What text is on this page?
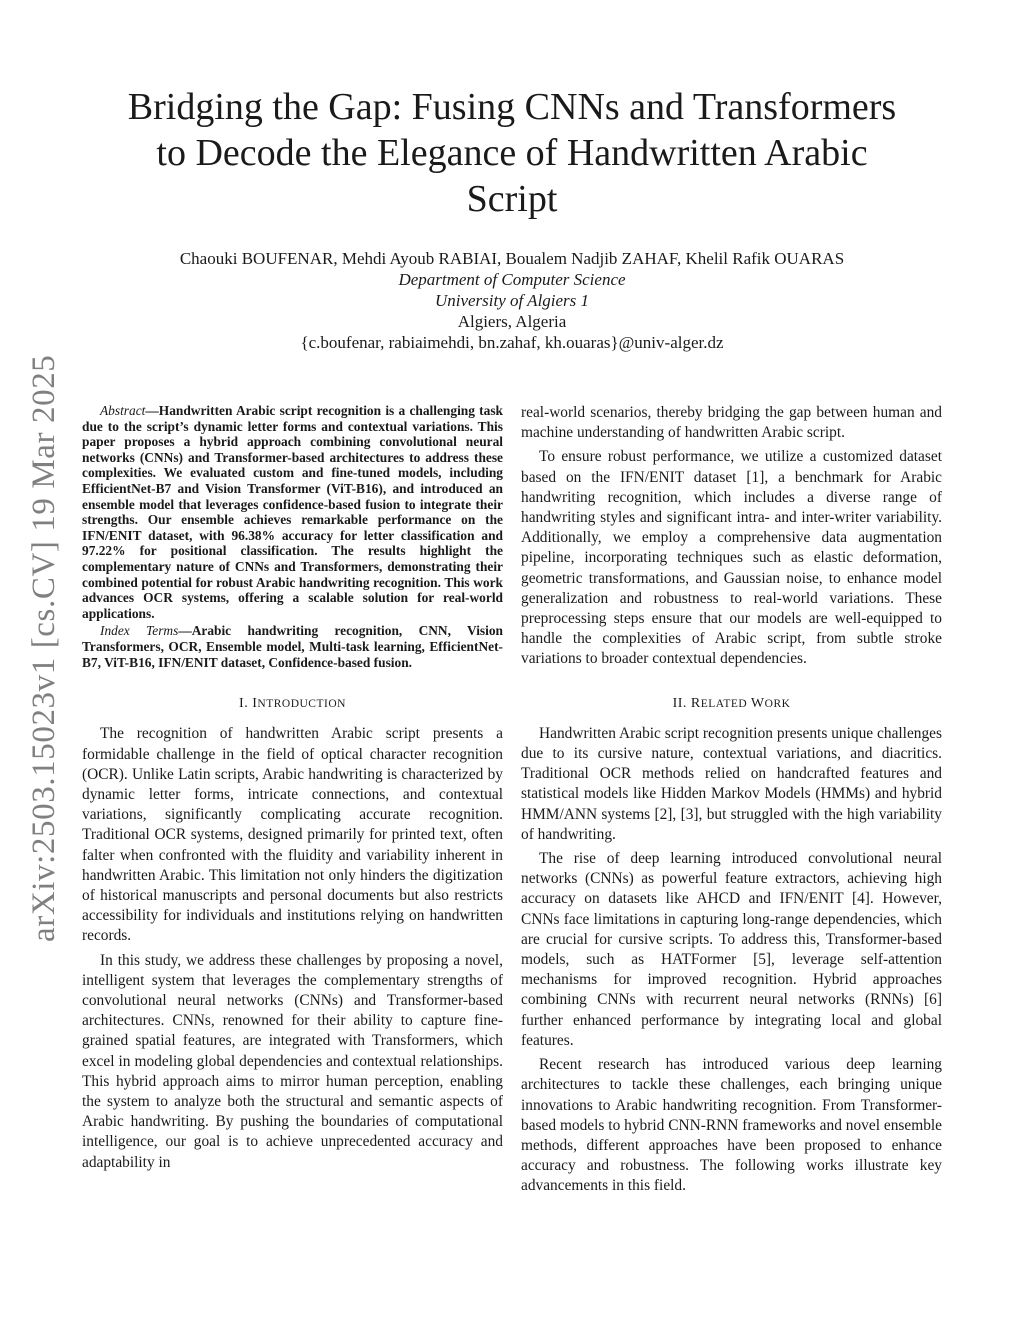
arXiv:2503.15023v1 [cs.CV] 19 Mar 2025
Bridging the Gap: Fusing CNNs and Transformers
to Decode the Elegance of Handwritten Arabic
Script
Chaouki BOUFENAR, Mehdi Ayoub RABIAI, Boualem Nadjib ZAHAF, Khelil Rafik OUARAS
Department of Computer Science
University of Algiers 1
Algiers, Algeria
{c.boufenar, rabiaimehdi, bn.zahaf, kh.ouaras}@univ-alger.dz

Abstract—Handwritten Arabic script recognition is a challenging task due to the script’s dynamic letter forms and contextual variations. This paper proposes a hybrid approach combining convolutional neural networks (CNNs) and Transformer-based architectures to address these complexities. We evaluated custom and fine-tuned models, including EfficientNet-B7 and Vision Transformer (ViT-B16), and introduced an ensemble model that leverages confidence-based fusion to integrate their strengths. Our ensemble achieves remarkable performance on the IFN/ENIT dataset, with 96.38% accuracy for letter classification and 97.22% for positional classification. The results highlight the complementary nature of CNNs and Transformers, demonstrating their combined potential for robust Arabic handwriting recognition. This work advances OCR systems, offering a scalable solution for real-world applications.

Index Terms—Arabic handwriting recognition, CNN, Vision Transformers, OCR, Ensemble model, Multi-task learning, EfficientNet-B7, ViT-B16, IFN/ENIT dataset, Confidence-based fusion.

I. INTRODUCTION

The recognition of handwritten Arabic script presents a formidable challenge in the field of optical character recognition (OCR). Unlike Latin scripts, Arabic handwriting is characterized by dynamic letter forms, intricate connections, and contextual variations, significantly complicating accurate recognition. Traditional OCR systems, designed primarily for printed text, often falter when confronted with the fluidity and variability inherent in handwritten Arabic. This limitation not only hinders the digitization of historical manuscripts and personal documents but also restricts accessibility for individuals and institutions relying on handwritten records.

In this study, we address these challenges by proposing a novel, intelligent system that leverages the complementary strengths of convolutional neural networks (CNNs) and Transformer-based architectures. CNNs, renowned for their ability to capture fine-grained spatial features, are integrated with Transformers, which excel in modeling global dependencies and contextual relationships. This hybrid approach aims to mirror human perception, enabling the system to analyze both the structural and semantic aspects of Arabic handwriting. By pushing the boundaries of computational intelligence, our goal is to achieve unprecedented accuracy and adaptability in

real-world scenarios, thereby bridging the gap between human and machine understanding of handwritten Arabic script.

To ensure robust performance, we utilize a customized dataset based on the IFN/ENIT dataset [1], a benchmark for Arabic handwriting recognition, which includes a diverse range of handwriting styles and significant intra- and inter-writer variability. Additionally, we employ a comprehensive data augmentation pipeline, incorporating techniques such as elastic deformation, geometric transformations, and Gaussian noise, to enhance model generalization and robustness to real-world variations. These preprocessing steps ensure that our models are well-equipped to handle the complexities of Arabic script, from subtle stroke variations to broader contextual dependencies.

II. RELATED WORK

Handwritten Arabic script recognition presents unique challenges due to its cursive nature, contextual variations, and diacritics. Traditional OCR methods relied on handcrafted features and statistical models like Hidden Markov Models (HMMs) and hybrid HMM/ANN systems [2], [3], but struggled with the high variability of handwriting.

The rise of deep learning introduced convolutional neural networks (CNNs) as powerful feature extractors, achieving high accuracy on datasets like AHCD and IFN/ENIT [4]. However, CNNs face limitations in capturing long-range dependencies, which are crucial for cursive scripts. To address this, Transformer-based models, such as HATFormer [5], leverage self-attention mechanisms for improved recognition. Hybrid approaches combining CNNs with recurrent neural networks (RNNs) [6] further enhanced performance by integrating local and global features.

Recent research has introduced various deep learning architectures to tackle these challenges, each bringing unique innovations to Arabic handwriting recognition. From Transformer-based models to hybrid CNN-RNN frameworks and novel ensemble methods, different approaches have been proposed to enhance accuracy and robustness. The following works illustrate key advancements in this field.
